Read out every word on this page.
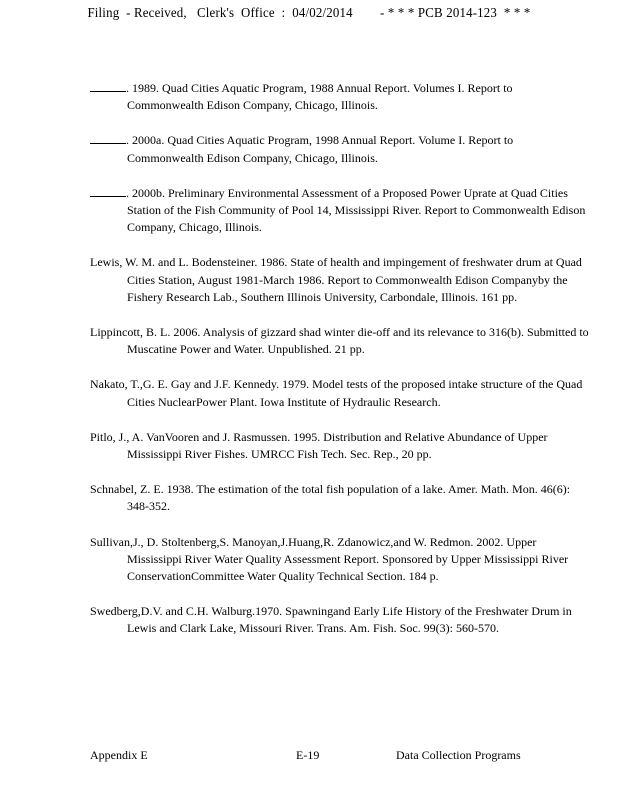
Filing  - Received,   Clerk's  Office  :  04/02/2014        - * * * PCB 2014-123  * * *

. 1989. Quad Cities Aquatic Program, 1988 Annual Report. Volumes I. Report to Commonwealth Edison Company, Chicago, Illinois.

. 2000a. Quad Cities Aquatic Program, 1998 Annual Report. Volume I. Report to Commonwealth Edison Company, Chicago, Illinois.

. 2000b. Preliminary Environmental Assessment of a Proposed Power Uprate at Quad Cities Station of the Fish Community of Pool 14, Mississippi River. Report to Commonwealth Edison Company, Chicago, Illinois.

Lewis, W. M. and L. Bodensteiner. 1986. State of health and impingement of freshwater drum at Quad Cities Station, August 1981-March 1986. Report to Commonwealth Edison Companyby the Fishery Research Lab., Southern Illinois University, Carbondale, Illinois. 161 pp.

Lippincott, B. L. 2006. Analysis of gizzard shad winter die-off and its relevance to 316(b). Submitted to Muscatine Power and Water. Unpublished. 21 pp.

Nakato, T.,G. E. Gay and J.F. Kennedy. 1979. Model tests of the proposed intake structure of the Quad Cities NuclearPower Plant. Iowa Institute of Hydraulic Research.

Pitlo, J., A. VanVooren and J. Rasmussen. 1995. Distribution and Relative Abundance of Upper Mississippi River Fishes. UMRCC Fish Tech. Sec. Rep., 20 pp.

Schnabel, Z. E. 1938. The estimation of the total fish population of a lake. Amer. Math. Mon. 46(6): 348-352.

Sullivan,J., D. Stoltenberg,S. Manoyan,J.Huang,R. Zdanowicz,and W. Redmon. 2002. Upper Mississippi River Water Quality Assessment Report. Sponsored by Upper Mississippi River ConservationCommittee Water Quality Technical Section. 184 p.

Swedberg,D.V. and C.H. Walburg.1970. Spawningand Early Life History of the Freshwater Drum in Lewis and Clark Lake, Missouri River. Trans. Am. Fish. Soc. 99(3): 560-570.

Appendix E	E-19	Data Collection Programs
